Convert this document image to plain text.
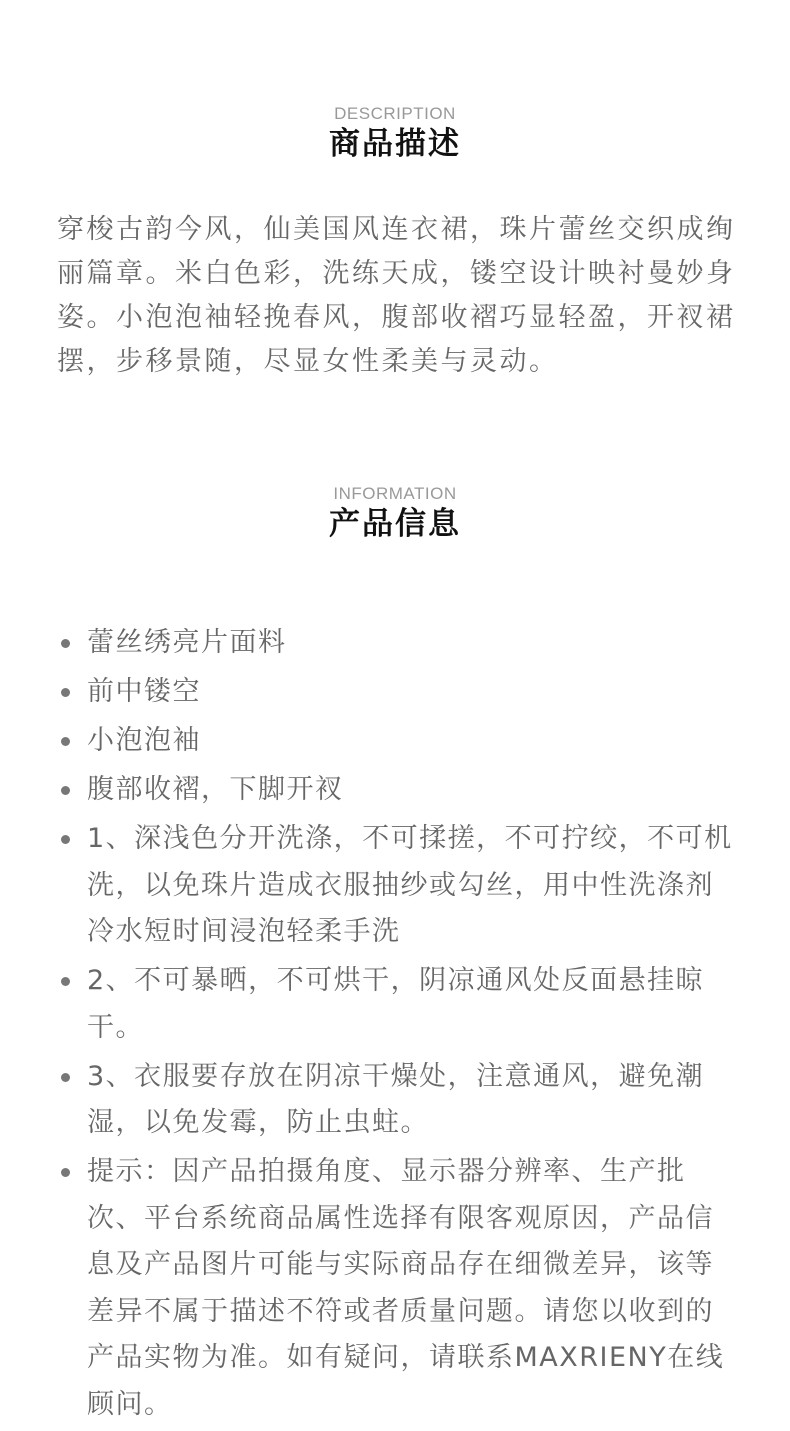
DESCRIPTION
商品描述

穿梭古韵今风，仙美国风连衣裙，珠片蕾丝交织成绚丽篇章。米白色彩，洗练天成，镂空设计映衬曼妙身姿。小泡泡袖轻挽春风，腹部收褶巧显轻盈，开衩裙摆，步移景随，尽显女性柔美与灵动。

INFORMATION
产品信息
蕾丝绣亮片面料
前中镂空
小泡泡袖
腹部收褶，下脚开衩
1、深浅色分开洗涤，不可揉搓，不可拧绞，不可机洗，以免珠片造成衣服抽纱或勾丝，用中性洗涤剂冷水短时间浸泡轻柔手洗
2、不可暴晒，不可烘干，阴凉通风处反面悬挂晾干。
3、衣服要存放在阴凉干燥处，注意通风，避免潮湿，以免发霉，防止虫蛀。
提示：因产品拍摄角度、显示器分辨率、生产批次、平台系统商品属性选择有限客观原因，产品信息及产品图片可能与实际商品存在细微差异，该等差异不属于描述不符或者质量问题。请您以收到的产品实物为准。如有疑问，请联系MAXRIENY在线顾问。
